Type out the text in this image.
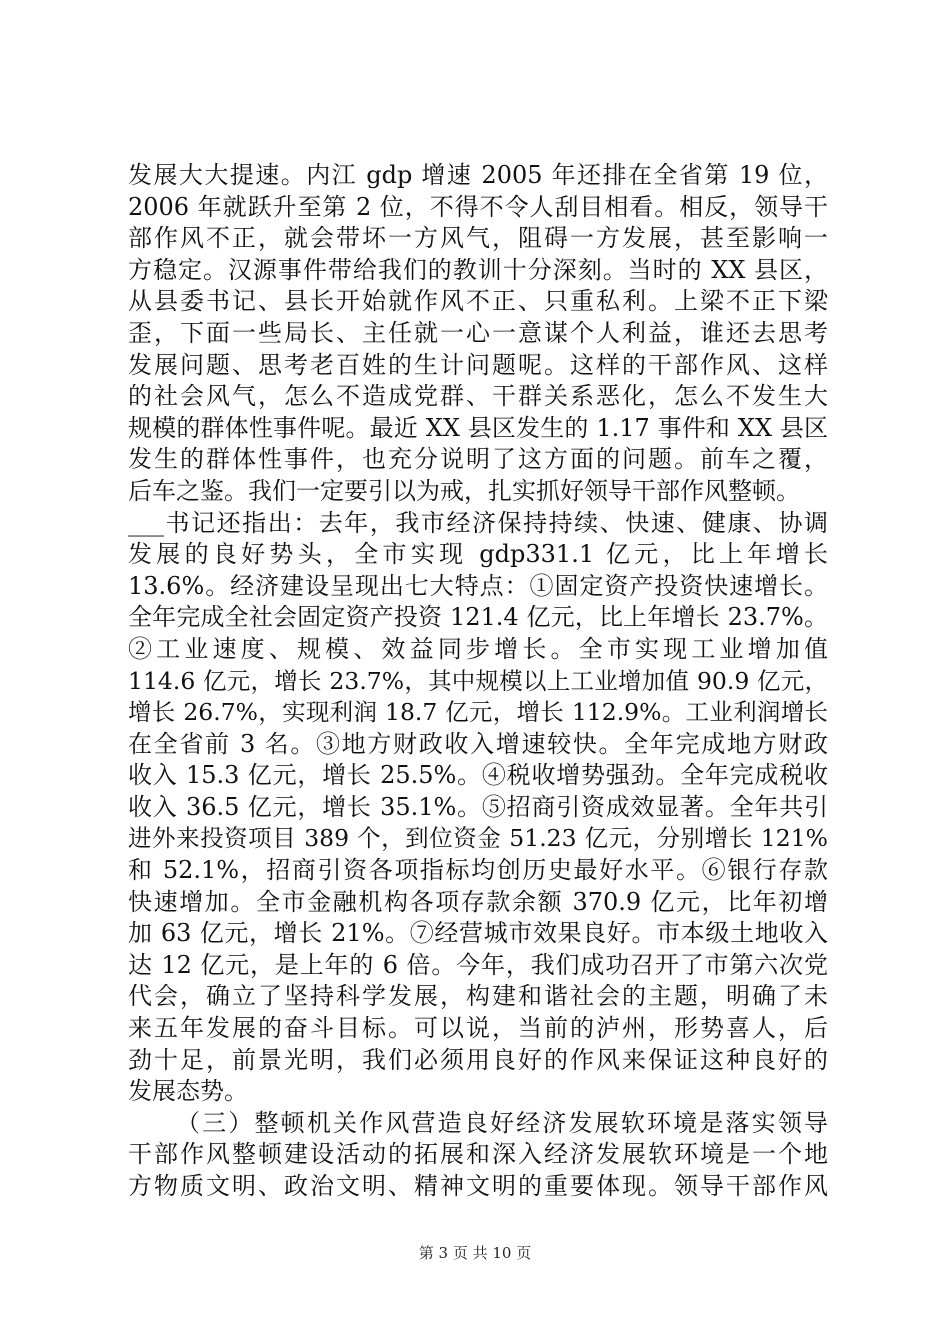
发展大大提速。内江 gdp 增速 2005 年还排在全省第 19 位，
2006 年就跃升至第 2 位，不得不令人刮目相看。相反，领导干
部作风不正，就会带坏一方风气，阻碍一方发展，甚至影响一
方稳定。汉源事件带给我们的教训十分深刻。当时的 XX 县区，
从县委书记、县长开始就作风不正、只重私利。上梁不正下梁
歪，下面一些局长、主任就一心一意谋个人利益，谁还去思考
发展问题、思考老百姓的生计问题呢。这样的干部作风、这样
的社会风气，怎么不造成党群、干群关系恶化，怎么不发生大
规模的群体性事件呢。最近 XX 县区发生的 1.17 事件和 XX 县区
发生的群体性事件，也充分说明了这方面的问题。前车之覆，
后车之鉴。我们一定要引以为戒，扎实抓好领导干部作风整顿。
___书记还指出：去年，我市经济保持持续、快速、健康、协调
发展的良好势头，全市实现 gdp331.1 亿元，比上年增长
13.6%。经济建设呈现出七大特点：①固定资产投资快速增长。
全年完成全社会固定资产投资 121.4 亿元，比上年增长 23.7%。
②工业速度、规模、效益同步增长。全市实现工业增加值
114.6 亿元，增长 23.7%，其中规模以上工业增加值 90.9 亿元，
增长 26.7%，实现利润 18.7 亿元，增长 112.9%。工业利润增长
在全省前 3 名。③地方财政收入增速较快。全年完成地方财政
收入 15.3 亿元，增长 25.5%。④税收增势强劲。全年完成税收
收入 36.5 亿元，增长 35.1%。⑤招商引资成效显著。全年共引
进外来投资项目 389 个，到位资金 51.23 亿元，分别增长 121%
和 52.1%，招商引资各项指标均创历史最好水平。⑥银行存款
快速增加。全市金融机构各项存款余额 370.9 亿元，比年初增
加 63 亿元，增长 21%。⑦经营城市效果良好。市本级土地收入
达 12 亿元，是上年的 6 倍。今年，我们成功召开了市第六次党
代会，确立了坚持科学发展，构建和谐社会的主题，明确了未
来五年发展的奋斗目标。可以说，当前的泸州，形势喜人，后
劲十足，前景光明，我们必须用良好的作风来保证这种良好的
发展态势。
（三）整顿机关作风营造良好经济发展软环境是落实领导
干部作风整顿建设活动的拓展和深入经济发展软环境是一个地
方物质文明、政治文明、精神文明的重要体现。领导干部作风
第 3 页 共 10 页
